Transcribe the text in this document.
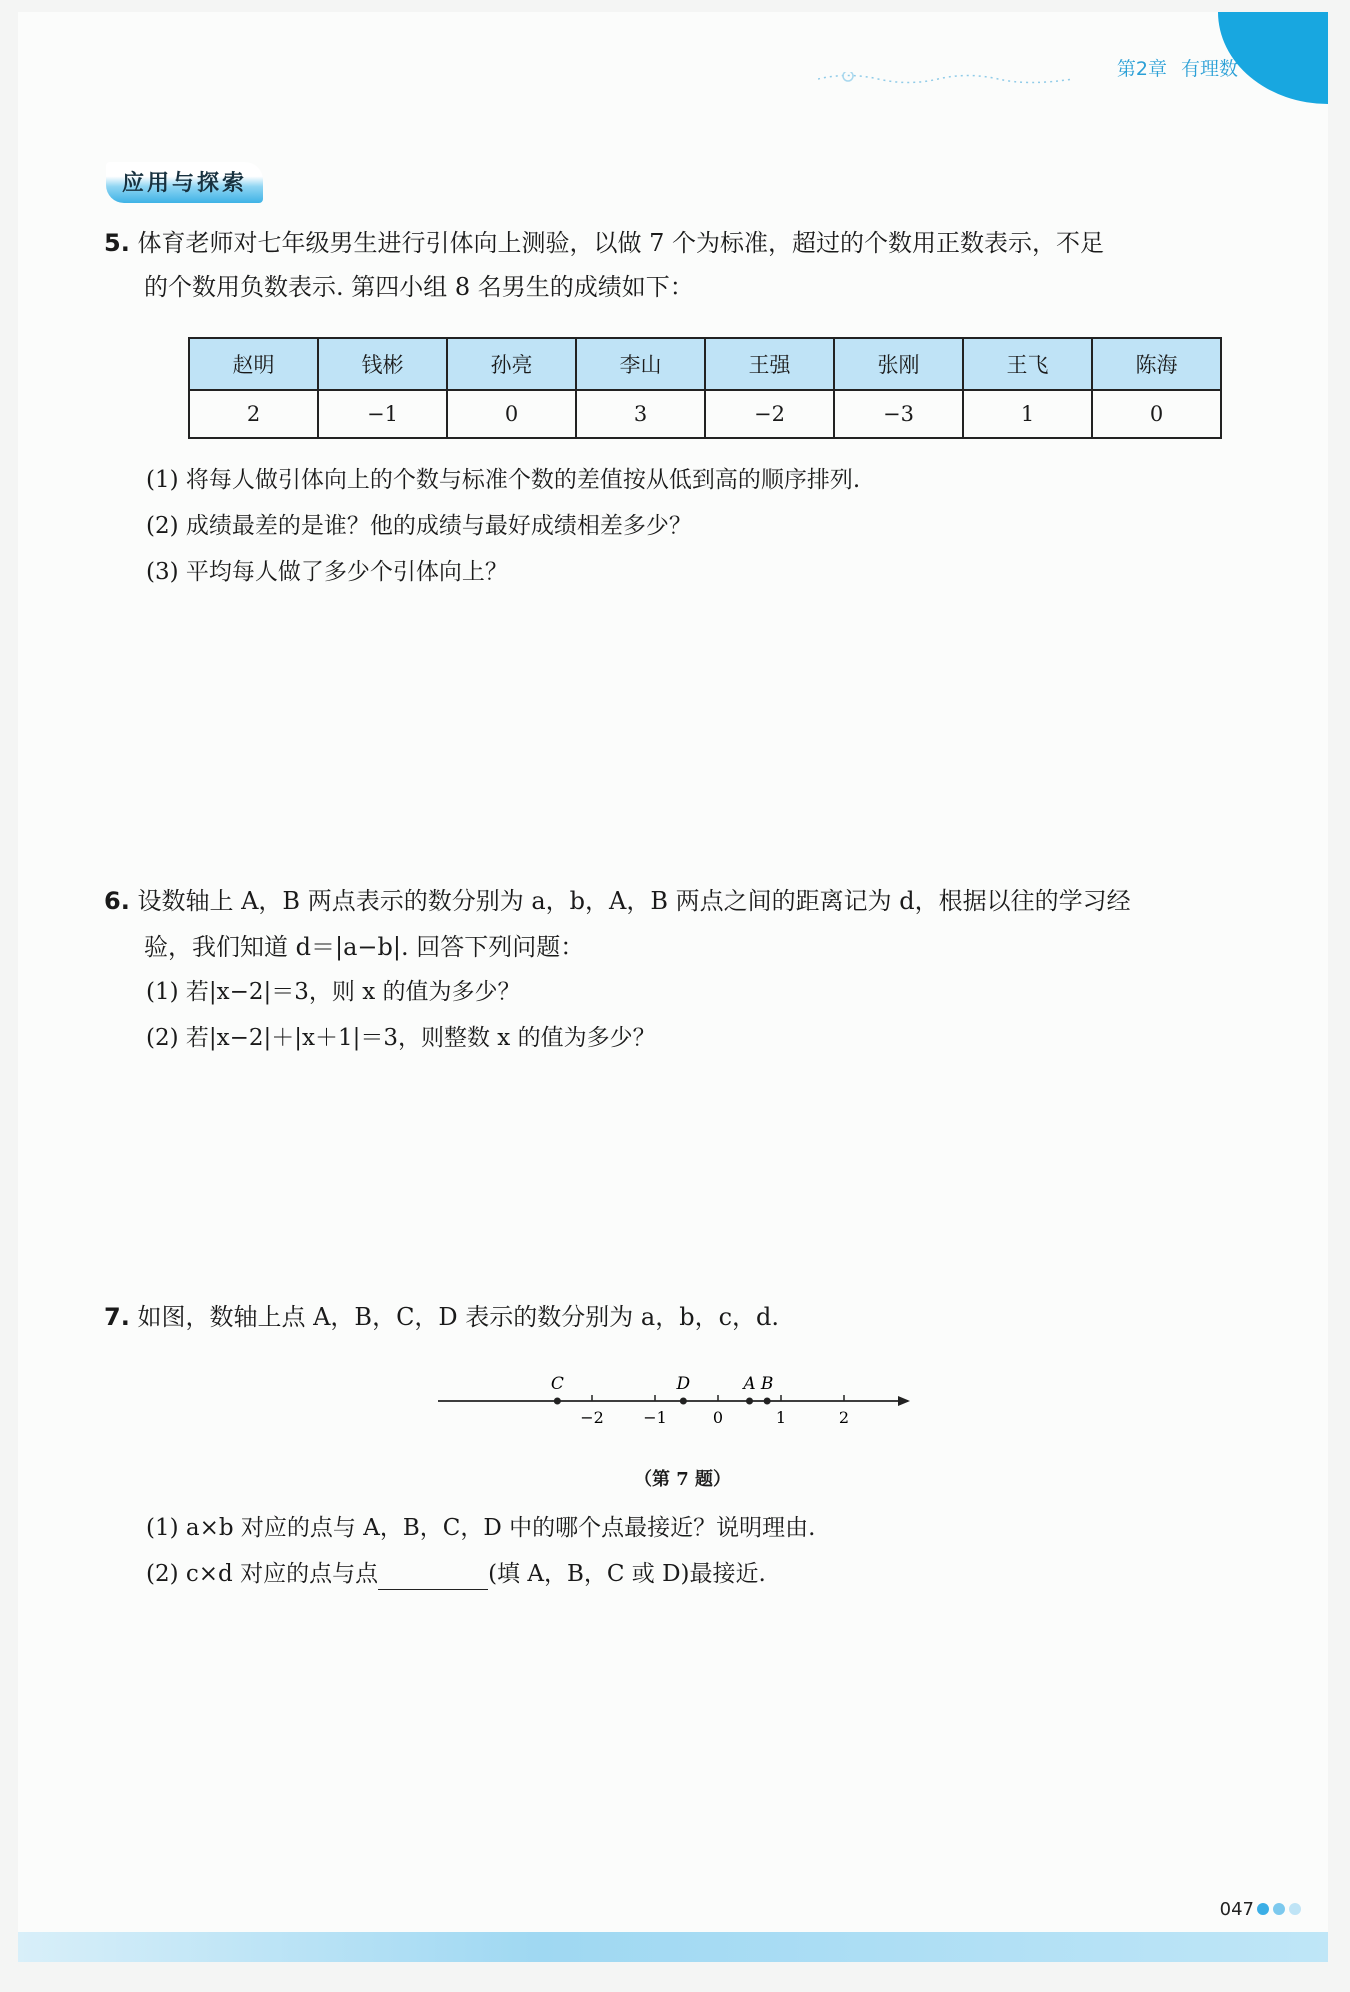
第2章 有理数
应用与探索
5. 体育老师对七年级男生进行引体向上测验，以做 7 个为标准，超过的个数用正数表示，不足
的个数用负数表示. 第四小组 8 名男生的成绩如下：
赵明	钱彬	孙亮	李山	王强	张刚	王飞	陈海
2	−1	0	3	−2	−3	1	0
(1) 将每人做引体向上的个数与标准个数的差值按从低到高的顺序排列.
(2) 成绩最差的是谁？他的成绩与最好成绩相差多少？
(3) 平均每人做了多少个引体向上？
6. 设数轴上 A，B 两点表示的数分别为 a，b，A，B 两点之间的距离记为 d，根据以往的学习经
验，我们知道 d＝|a−b|. 回答下列问题：
(1) 若|x−2|＝3，则 x 的值为多少？
(2) 若|x−2|＋|x＋1|＝3，则整数 x 的值为多少？
7. 如图，数轴上点 A，B，C，D 表示的数分别为 a，b，c，d.
−2 −1	0	1	2
C	D	A B
（第 7 题）
(1) a×b 对应的点与 A，B，C，D 中的哪个点最接近？说明理由.
(2) c×d 对应的点与点	(填 A，B，C 或 D)最接近.
047
